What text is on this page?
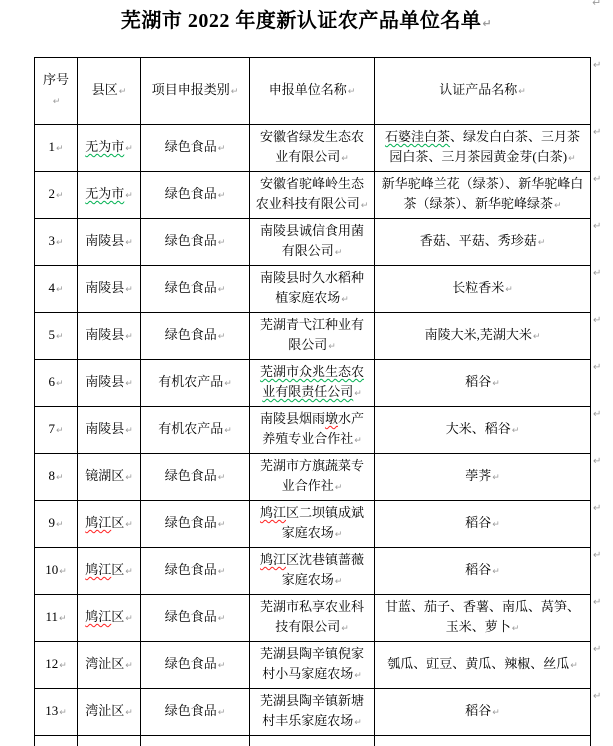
↵
芜湖市 2022 年度新认证农产品单位名单↵
序号↵	县区↵	项目申报类别↵	申报单位名称↵	认证产品名称↵
1↵	无为市↵	绿色食品↵	安徽省绿发生态农业有限公司↵	石婆洼白茶、绿发白白茶、三月茶园白茶、三月茶园黄金芽(白茶)↵
2↵	无为市↵	绿色食品↵	安徽省驼峰岭生态农业科技有限公司↵	新华驼峰兰花（绿茶）、新华驼峰白茶（绿茶）、新华驼峰绿茶↵
3↵	南陵县↵	绿色食品↵	南陵县诚信食用菌有限公司↵	香菇、平菇、秀珍菇↵
4↵	南陵县↵	绿色食品↵	南陵县时久水稻种植家庭农场↵	长粒香米↵
5↵	南陵县↵	绿色食品↵	芜湖青弋江种业有限公司↵	南陵大米,芜湖大米↵
6↵	南陵县↵	有机农产品↵	芜湖市众兆生态农业有限责任公司↵	稻谷↵
7↵	南陵县↵	有机农产品↵	南陵县烟雨墩水产养殖专业合作社↵	大米、稻谷↵
8↵	镜湖区↵	绿色食品↵	芜湖市方旗蔬菜专业合作社↵	荸荠↵
9↵	鸠江区↵	绿色食品↵	鸠江区二坝镇成斌家庭农场↵	稻谷↵
10↵	鸠江区↵	绿色食品↵	鸠江区沈巷镇蔷薇家庭农场↵	稻谷↵
11↵	鸠江区↵	绿色食品↵	芜湖市私享农业科技有限公司↵	甘蓝、茄子、香薯、南瓜、莴笋、玉米、萝卜↵
12↵	湾沚区↵	绿色食品↵	芜湖县陶辛镇倪家村小马家庭农场↵	瓠瓜、豇豆、黄瓜、辣椒、丝瓜↵
13↵	湾沚区↵	绿色食品↵	芜湖县陶辛镇新塘村丰乐家庭农场↵	稻谷↵

↵
↵
↵
↵
↵
↵
↵
↵
↵
↵
↵
↵
↵
↵
